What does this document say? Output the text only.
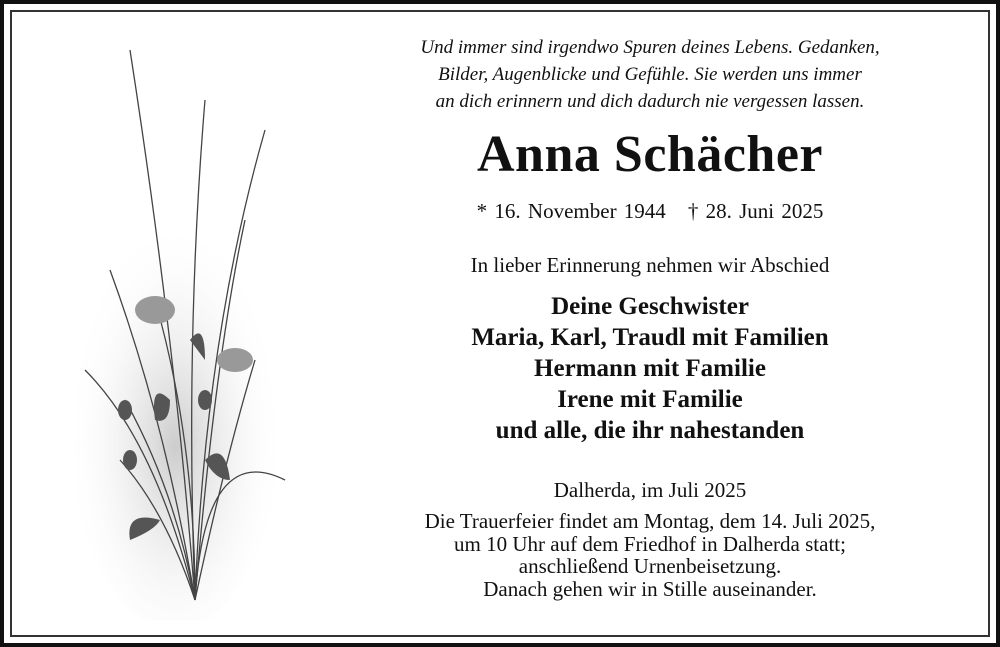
Und immer sind irgendwo Spuren deines Lebens. Gedanken,
Bilder, Augenblicke und Gefühle. Sie werden uns immer
an dich erinnern und dich dadurch nie vergessen lassen.
Anna Schächer
* 16. November 1944 † 28. Juni 2025
In lieber Erinnerung nehmen wir Abschied
Deine Geschwister
Maria, Karl, Traudl mit Familien
Hermann mit Familie
Irene mit Familie
und alle, die ihr nahestanden
Dalherda, im Juli 2025
Die Trauerfeier findet am Montag, dem 14. Juli 2025,
um 10 Uhr auf dem Friedhof in Dalherda statt;
anschließend Urnenbeisetzung.
Danach gehen wir in Stille auseinander.
